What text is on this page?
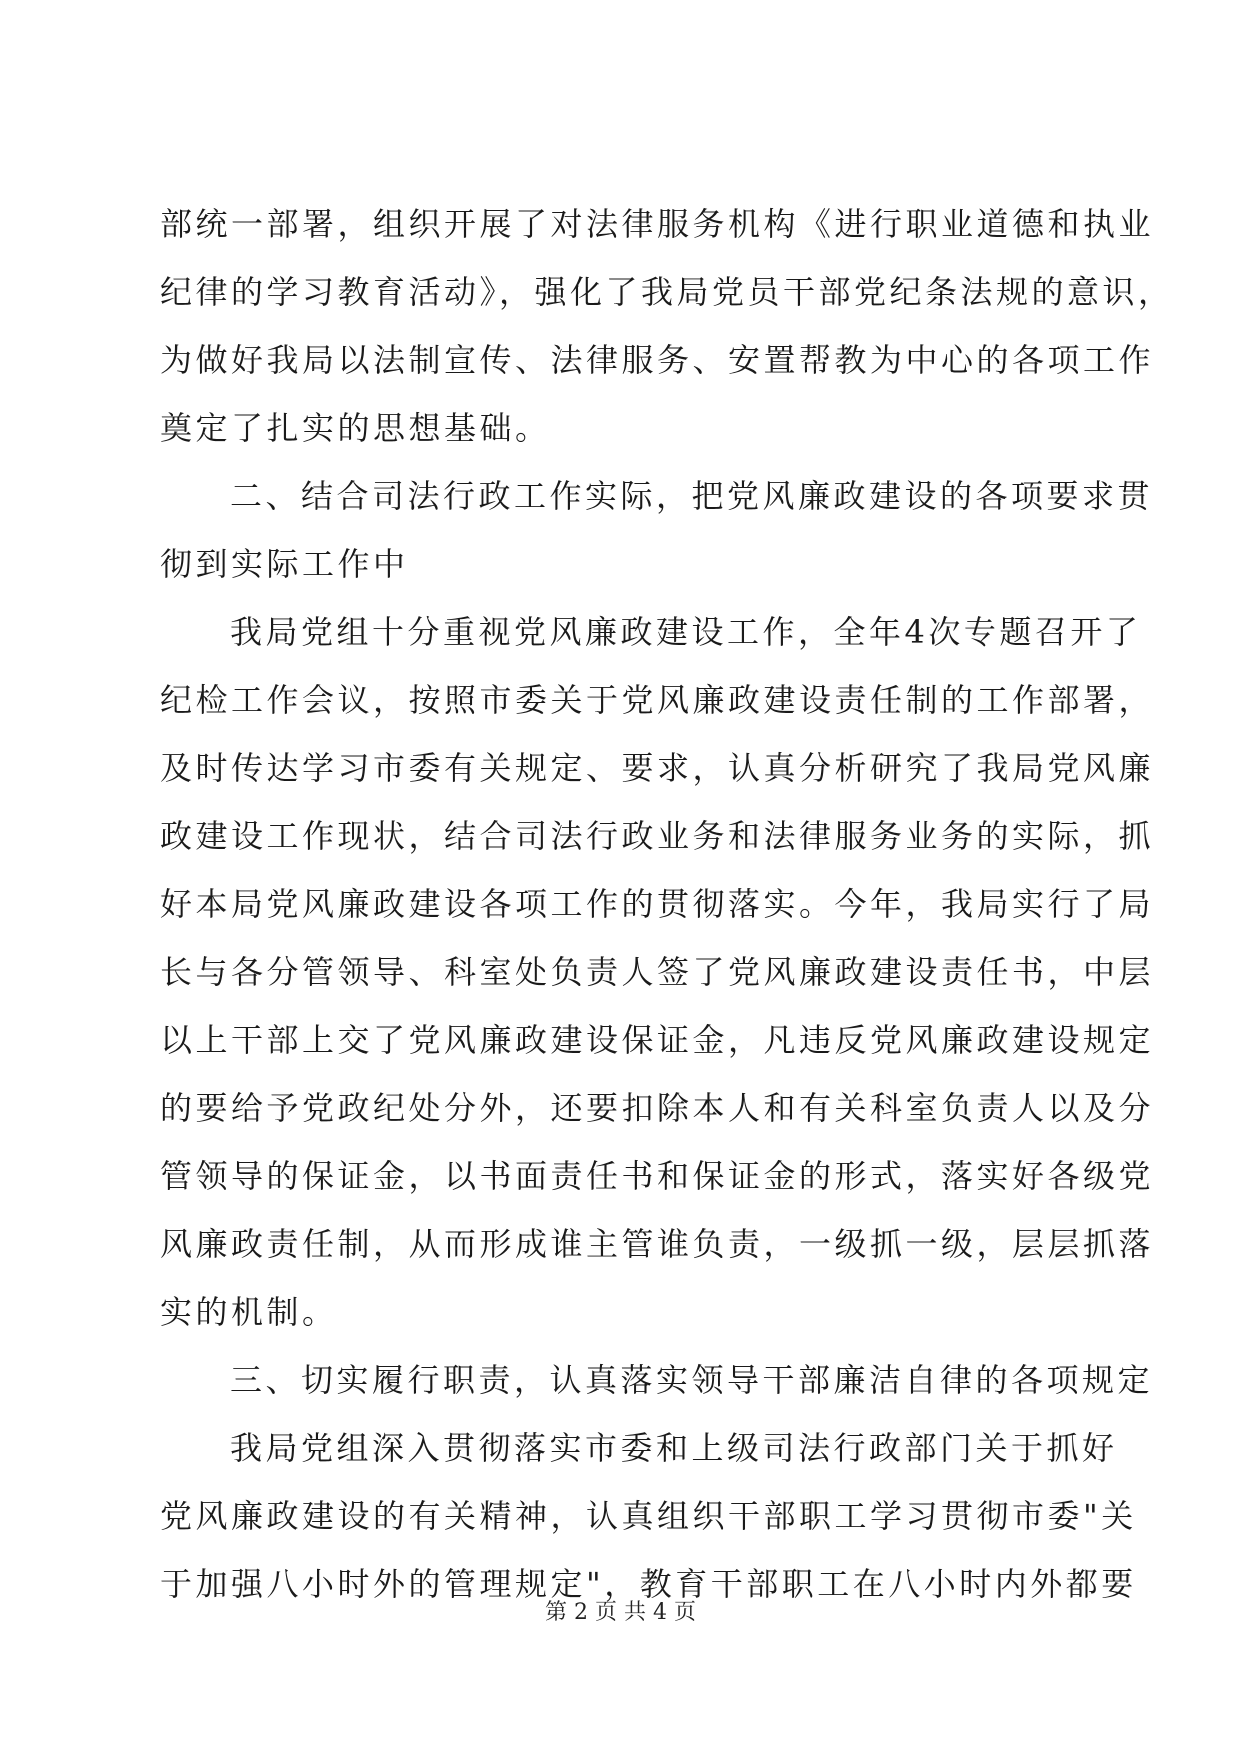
部统一部署，组织开展了对法律服务机构《进行职业道德和执业
纪律的学习教育活动》，强化了我局党员干部党纪条法规的意识，
为做好我局以法制宣传、法律服务、安置帮教为中心的各项工作
奠定了扎实的思想基础。
二、结合司法行政工作实际，把党风廉政建设的各项要求贯
彻到实际工作中
我局党组十分重视党风廉政建设工作，全年4次专题召开了
纪检工作会议，按照市委关于党风廉政建设责任制的工作部署，
及时传达学习市委有关规定、要求，认真分析研究了我局党风廉
政建设工作现状，结合司法行政业务和法律服务业务的实际，抓
好本局党风廉政建设各项工作的贯彻落实。今年，我局实行了局
长与各分管领导、科室处负责人签了党风廉政建设责任书，中层
以上干部上交了党风廉政建设保证金，凡违反党风廉政建设规定
的要给予党政纪处分外，还要扣除本人和有关科室负责人以及分
管领导的保证金，以书面责任书和保证金的形式，落实好各级党
风廉政责任制，从而形成谁主管谁负责，一级抓一级，层层抓落
实的机制。
三、切实履行职责，认真落实领导干部廉洁自律的各项规定
我局党组深入贯彻落实市委和上级司法行政部门关于抓好
党风廉政建设的有关精神，认真组织干部职工学习贯彻市委"关
于加强八小时外的管理规定"，教育干部职工在八小时内外都要
第 2 页 共 4 页
